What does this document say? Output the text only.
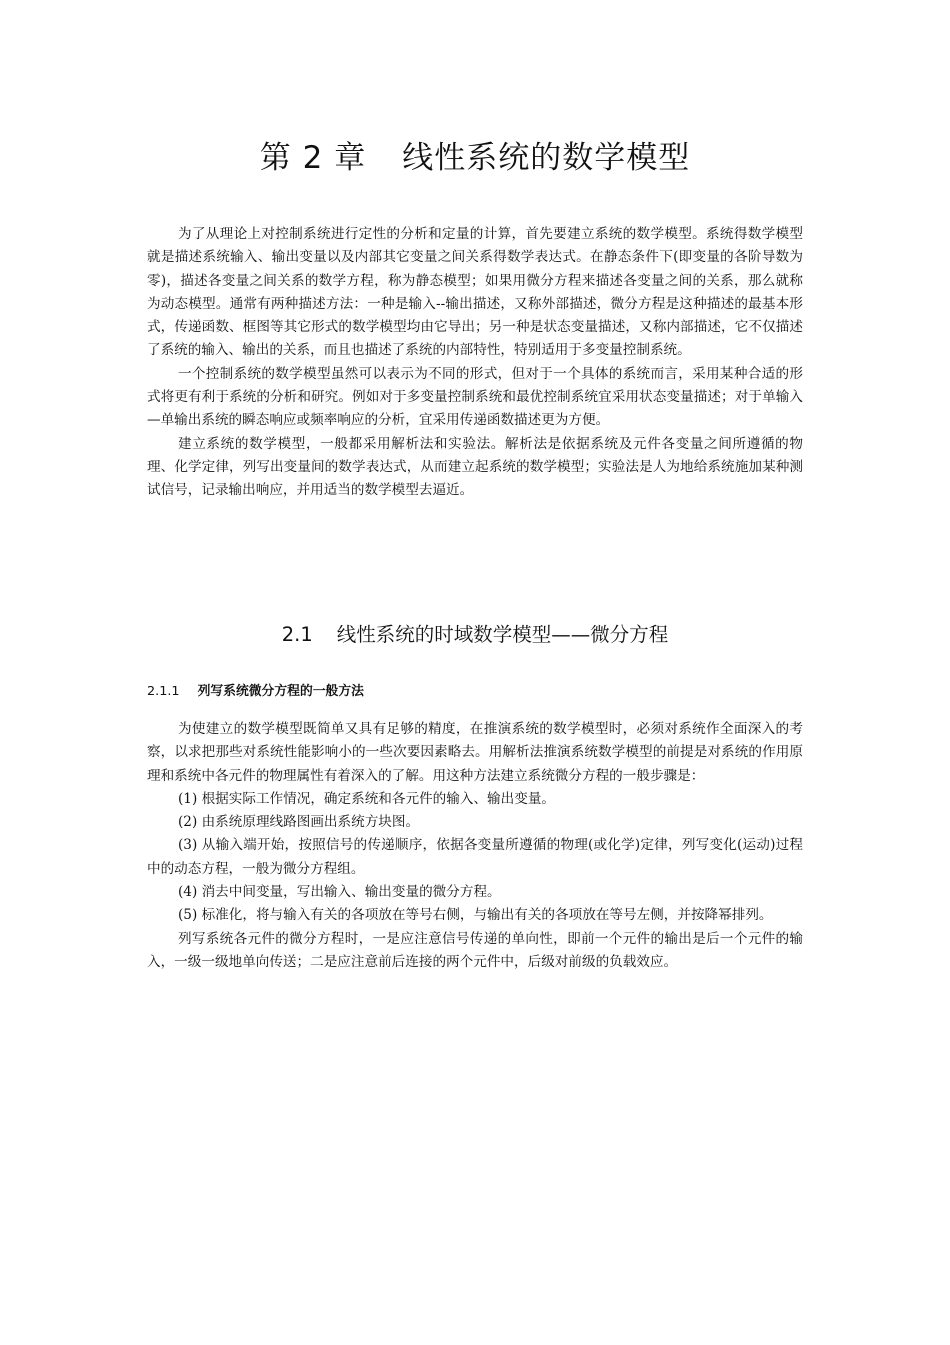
第 2 章 线性系统的数学模型

为了从理论上对控制系统进行定性的分析和定量的计算，首先要建立系统的数学模型。系统得数学模型就是描述系统输入、输出变量以及内部其它变量之间关系得数学表达式。在静态条件下(即变量的各阶导数为零)，描述各变量之间关系的数学方程，称为静态模型；如果用微分方程来描述各变量之间的关系，那么就称为动态模型。通常有两种描述方法：一种是输入--输出描述，又称外部描述，微分方程是这种描述的最基本形式，传递函数、框图等其它形式的数学模型均由它导出；另一种是状态变量描述，又称内部描述，它不仅描述了系统的输入、输出的关系，而且也描述了系统的内部特性，特别适用于多变量控制系统。

一个控制系统的数学模型虽然可以表示为不同的形式，但对于一个具体的系统而言，采用某种合适的形式将更有利于系统的分析和研究。例如对于多变量控制系统和最优控制系统宜采用状态变量描述；对于单输入—单输出系统的瞬态响应或频率响应的分析，宜采用传递函数描述更为方便。

建立系统的数学模型，一般都采用解析法和实验法。解析法是依据系统及元件各变量之间所遵循的物理、化学定律，列写出变量间的数学表达式，从而建立起系统的数学模型；实验法是人为地给系统施加某种测试信号，记录输出响应，并用适当的数学模型去逼近。

2.1 线性系统的时域数学模型——微分方程
2.1.1 列写系统微分方程的一般方法

为使建立的数学模型既简单又具有足够的精度，在推演系统的数学模型时，必须对系统作全面深入的考察，以求把那些对系统性能影响小的一些次要因素略去。用解析法推演系统数学模型的前提是对系统的作用原理和系统中各元件的物理属性有着深入的了解。用这种方法建立系统微分方程的一般步骤是：

(1) 根据实际工作情况，确定系统和各元件的输入、输出变量。

(2) 由系统原理线路图画出系统方块图。

(3) 从输入端开始，按照信号的传递顺序，依据各变量所遵循的物理(或化学)定律，列写变化(运动)过程中的动态方程，一般为微分方程组。

(4) 消去中间变量，写出输入、输出变量的微分方程。

(5) 标准化，将与输入有关的各项放在等号右侧，与输出有关的各项放在等号左侧，并按降幂排列。

列写系统各元件的微分方程时，一是应注意信号传递的单向性，即前一个元件的输出是后一个元件的输入，一级一级地单向传送；二是应注意前后连接的两个元件中，后级对前级的负载效应。
